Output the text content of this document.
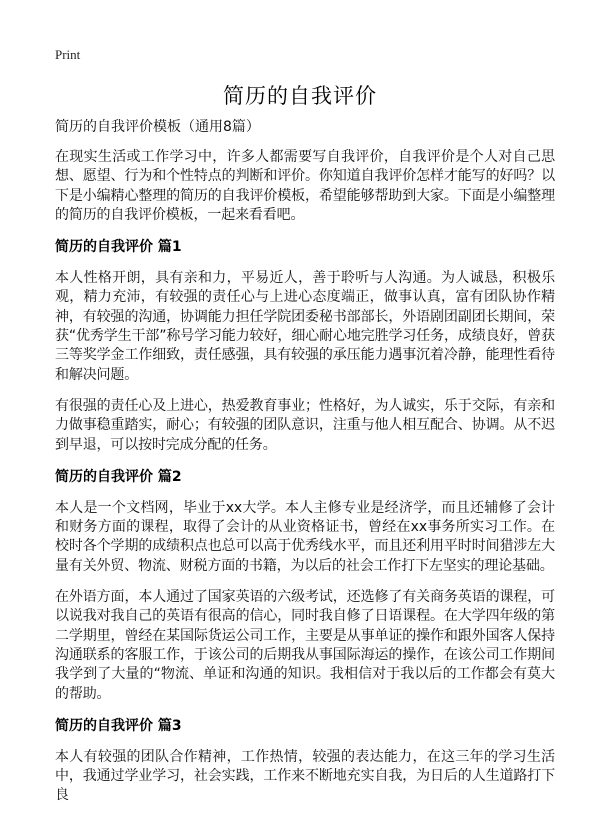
Print
简历的自我评价
简历的自我评价模板（通用8篇）

在现实生活或工作学习中，许多人都需要写自我评价，自我评价是个人对自己思想、愿望、行为和个性特点的判断和评价。你知道自我评价怎样才能写的好吗？以下是小编精心整理的简历的自我评价模板，希望能够帮助到大家。下面是小编整理的简历的自我评价模板，一起来看看吧。

简历的自我评价 篇1

本人性格开朗，具有亲和力，平易近人，善于聆听与人沟通。为人诚恳，积极乐观，精力充沛，有较强的责任心与上进心态度端正，做事认真，富有团队协作精神，有较强的沟通，协调能力担任学院团委秘书部部长，外语剧团副团长期间，荣获“优秀学生干部”称号学习能力较好，细心耐心地完胜学习任务，成绩良好，曾获三等奖学金工作细致，责任感强，具有较强的承压能力遇事沉着冷静，能理性看待和解决问题。

有很强的责任心及上进心，热爱教育事业；性格好，为人诚实，乐于交际，有亲和力做事稳重踏实，耐心；有较强的团队意识，注重与他人相互配合、协调。从不迟到早退，可以按时完成分配的任务。

简历的自我评价 篇2

本人是一个文档网，毕业于xx大学。本人主修专业是经济学，而且还辅修了会计和财务方面的课程，取得了会计的从业资格证书，曾经在xx事务所实习工作。在校时各个学期的成绩积点也总可以高于优秀线水平，而且还利用平时时间猎涉左大量有关外贸、物流、财税方面的书籍，为以后的社会工作打下左坚实的理论基础。

在外语方面，本人通过了国家英语的六级考试，还选修了有关商务英语的课程，可以说我对我自己的英语有很高的信心，同时我自修了日语课程。在大学四年级的第二学期里，曾经在某国际货运公司工作，主要是从事单证的操作和跟外国客人保持沟通联系的客服工作，于该公司的后期我从事国际海运的操作，在该公司工作期间我学到了大量的“物流、单证和沟通的知识。我相信对于我以后的工作都会有莫大的帮助。

简历的自我评价 篇3

本人有较强的团队合作精神，工作热情，较强的表达能力，在这三年的学习生活中，我通过学业学习，社会实践，工作来不断地充实自我，为日后的人生道路打下良
